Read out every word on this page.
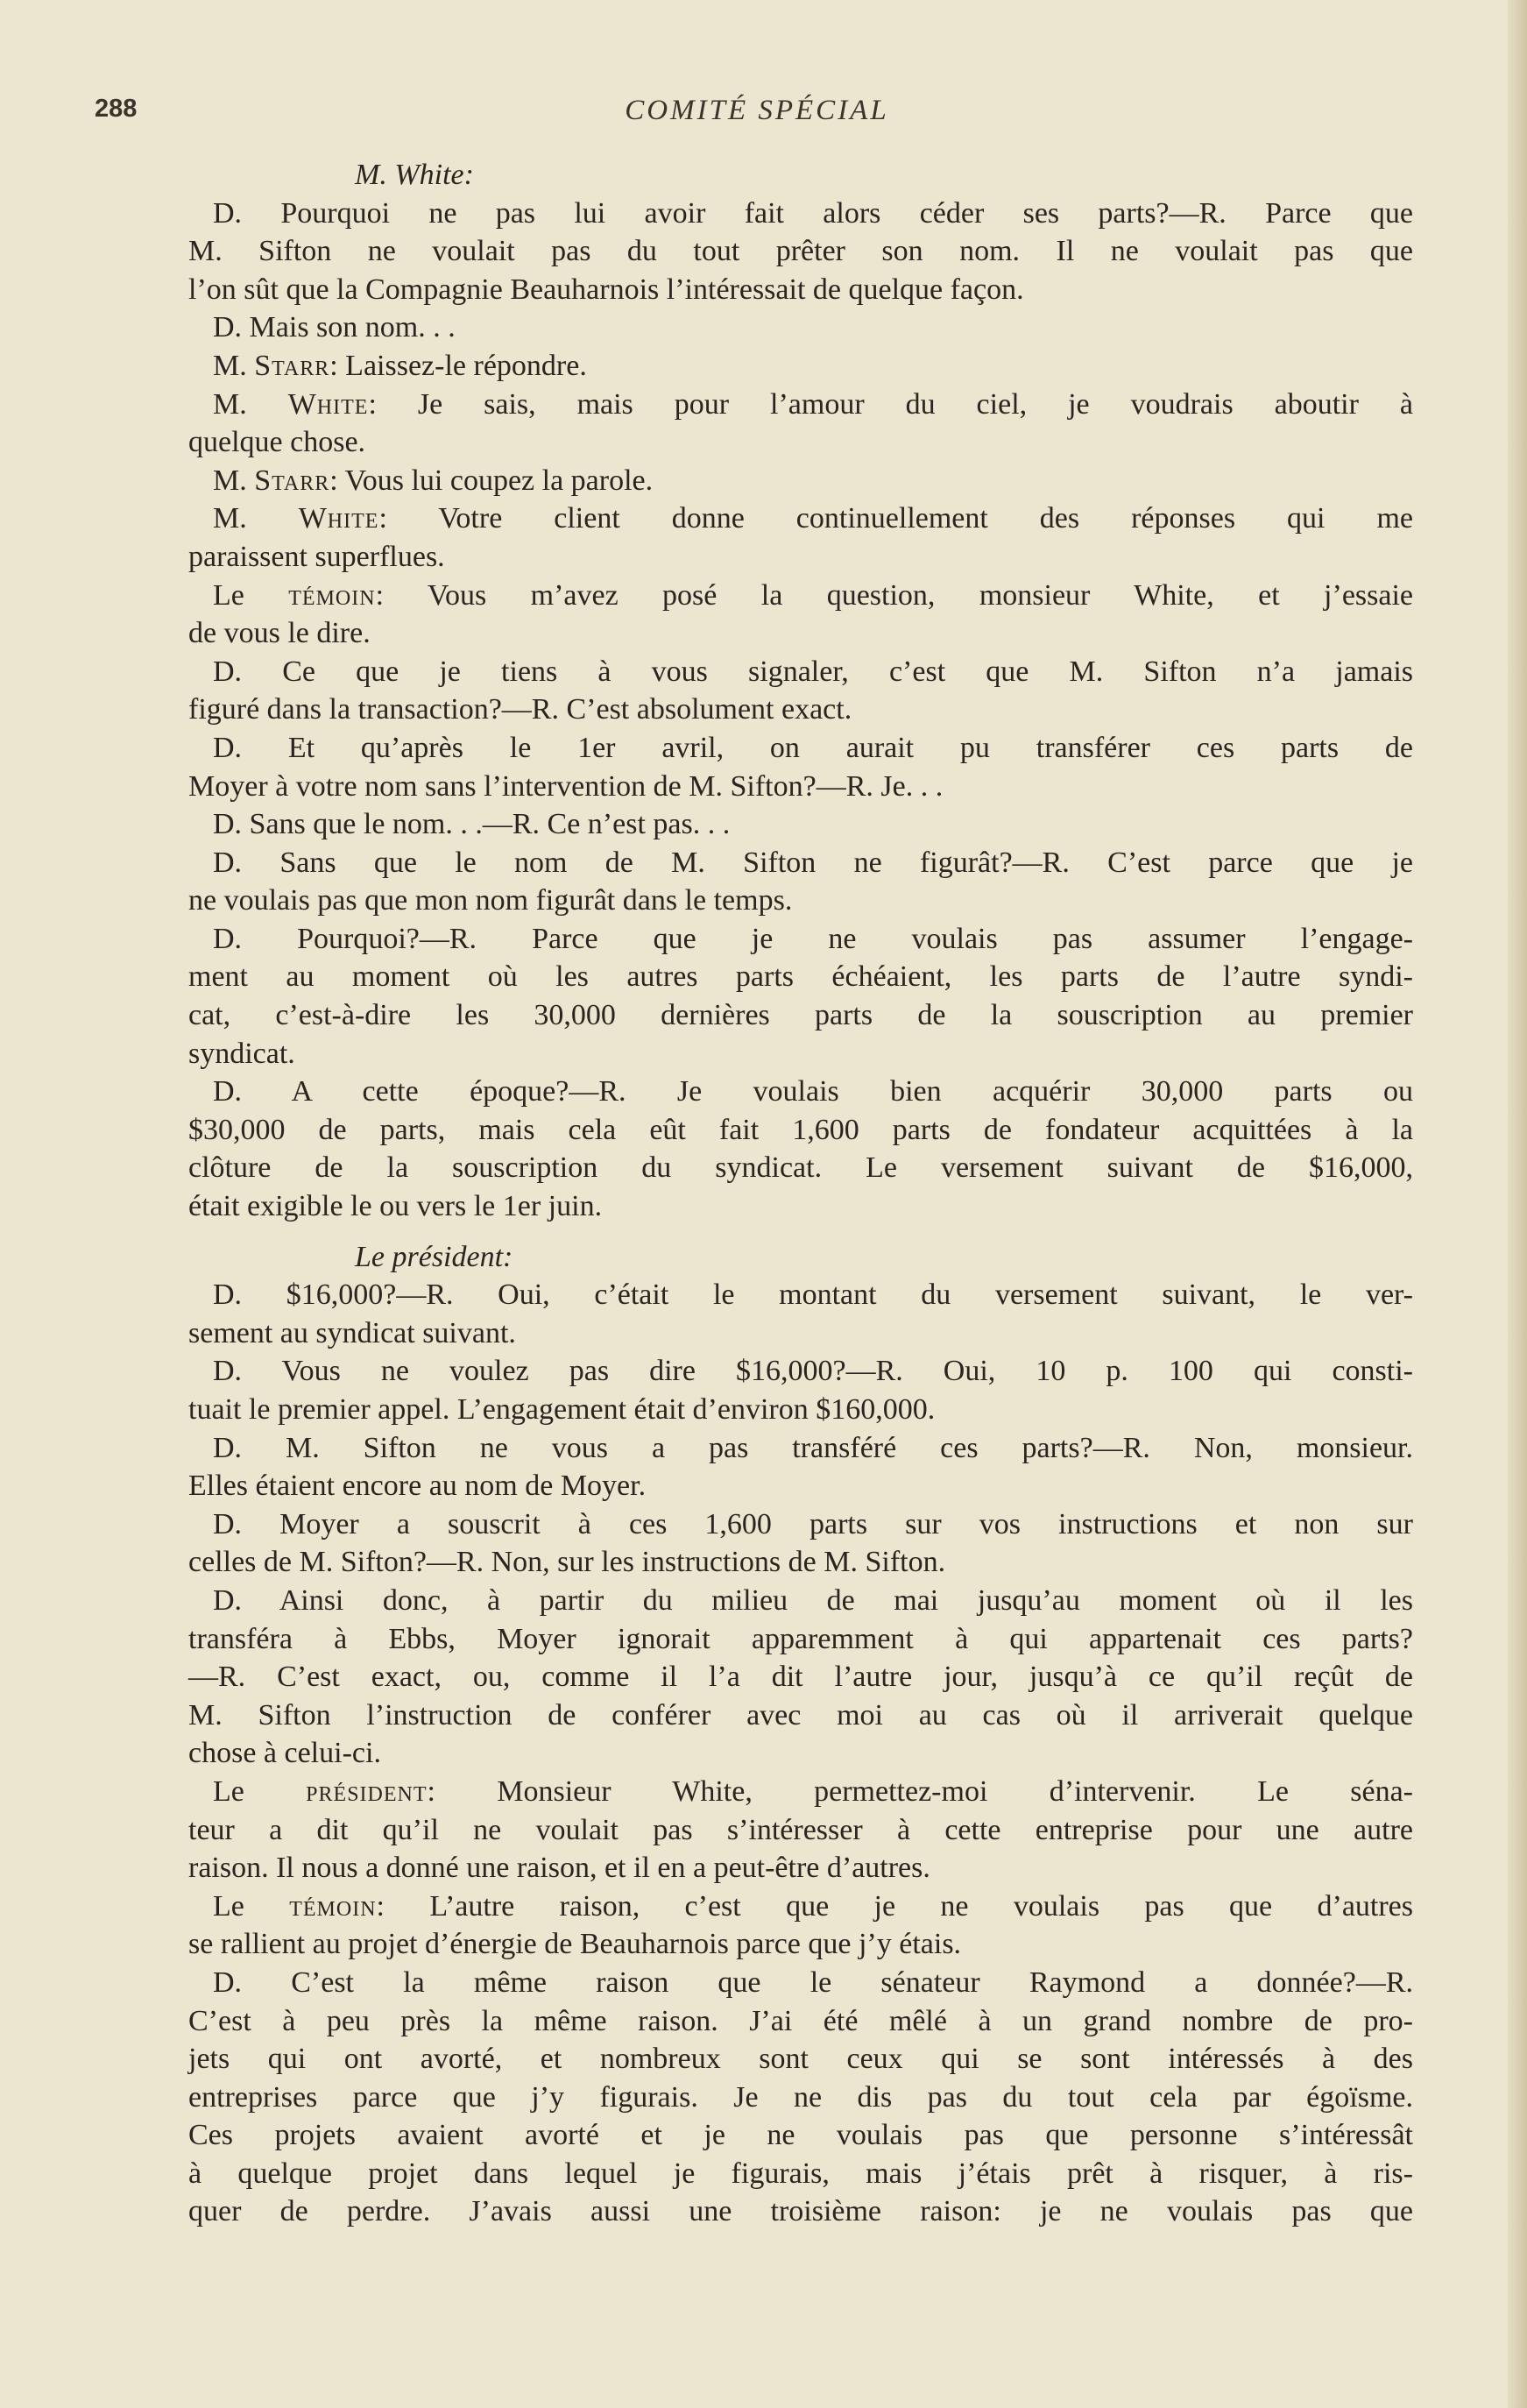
288	COMITÉ SPÉCIAL
M. White:
D. Pourquoi ne pas lui avoir fait alors céder ses parts?—R. Parce que
M. Sifton ne voulait pas du tout prêter son nom. Il ne voulait pas que
l’on sût que la Compagnie Beauharnois l’intéressait de quelque façon.
D. Mais son nom. . .
M. Starr: Laissez-le répondre.
M. White: Je sais, mais pour l’amour du ciel, je voudrais aboutir à
quelque chose.
M. Starr: Vous lui coupez la parole.
M. White: Votre client donne continuellement des réponses qui me
paraissent superflues.
Le témoin: Vous m’avez posé la question, monsieur White, et j’essaie
de vous le dire.
D. Ce que je tiens à vous signaler, c’est que M. Sifton n’a jamais
figuré dans la transaction?—R. C’est absolument exact.
D. Et qu’après le 1er avril, on aurait pu transférer ces parts de
Moyer à votre nom sans l’intervention de M. Sifton?—R. Je. . .
D. Sans que le nom. . .—R. Ce n’est pas. . .
D. Sans que le nom de M. Sifton ne figurât?—R. C’est parce que je
ne voulais pas que mon nom figurât dans le temps.
D. Pourquoi?—R. Parce que je ne voulais pas assumer l’engage-
ment au moment où les autres parts échéaient, les parts de l’autre syndi-
cat, c’est-à-dire les 30,000 dernières parts de la souscription au premier
syndicat.
D. A cette époque?—R. Je voulais bien acquérir 30,000 parts ou
$30,000 de parts, mais cela eût fait 1,600 parts de fondateur acquittées à la
clôture de la souscription du syndicat. Le versement suivant de $16,000,
était exigible le ou vers le 1er juin.
Le président:
D. $16,000?—R. Oui, c’était le montant du versement suivant, le ver-
sement au syndicat suivant.
D. Vous ne voulez pas dire $16,000?—R. Oui, 10 p. 100 qui consti-
tuait le premier appel. L’engagement était d’environ $160,000.
D. M. Sifton ne vous a pas transféré ces parts?—R. Non, monsieur.
Elles étaient encore au nom de Moyer.
D. Moyer a souscrit à ces 1,600 parts sur vos instructions et non sur
celles de M. Sifton?—R. Non, sur les instructions de M. Sifton.
D. Ainsi donc, à partir du milieu de mai jusqu’au moment où il les
transféra à Ebbs, Moyer ignorait apparemment à qui appartenait ces parts?
—R. C’est exact, ou, comme il l’a dit l’autre jour, jusqu’à ce qu’il reçût de
M. Sifton l’instruction de conférer avec moi au cas où il arriverait quelque
chose à celui-ci.
Le président: Monsieur White, permettez-moi d’intervenir. Le séna-
teur a dit qu’il ne voulait pas s’intéresser à cette entreprise pour une autre
raison. Il nous a donné une raison, et il en a peut-être d’autres.
Le témoin: L’autre raison, c’est que je ne voulais pas que d’autres
se rallient au projet d’énergie de Beauharnois parce que j’y étais.
D. C’est la même raison que le sénateur Raymond a donnée?—R.
C’est à peu près la même raison. J’ai été mêlé à un grand nombre de pro-
jets qui ont avorté, et nombreux sont ceux qui se sont intéressés à des
entreprises parce que j’y figurais. Je ne dis pas du tout cela par égoïsme.
Ces projets avaient avorté et je ne voulais pas que personne s’intéressât
à quelque projet dans lequel je figurais, mais j’étais prêt à risquer, à ris-
quer de perdre. J’avais aussi une troisième raison: je ne voulais pas que
